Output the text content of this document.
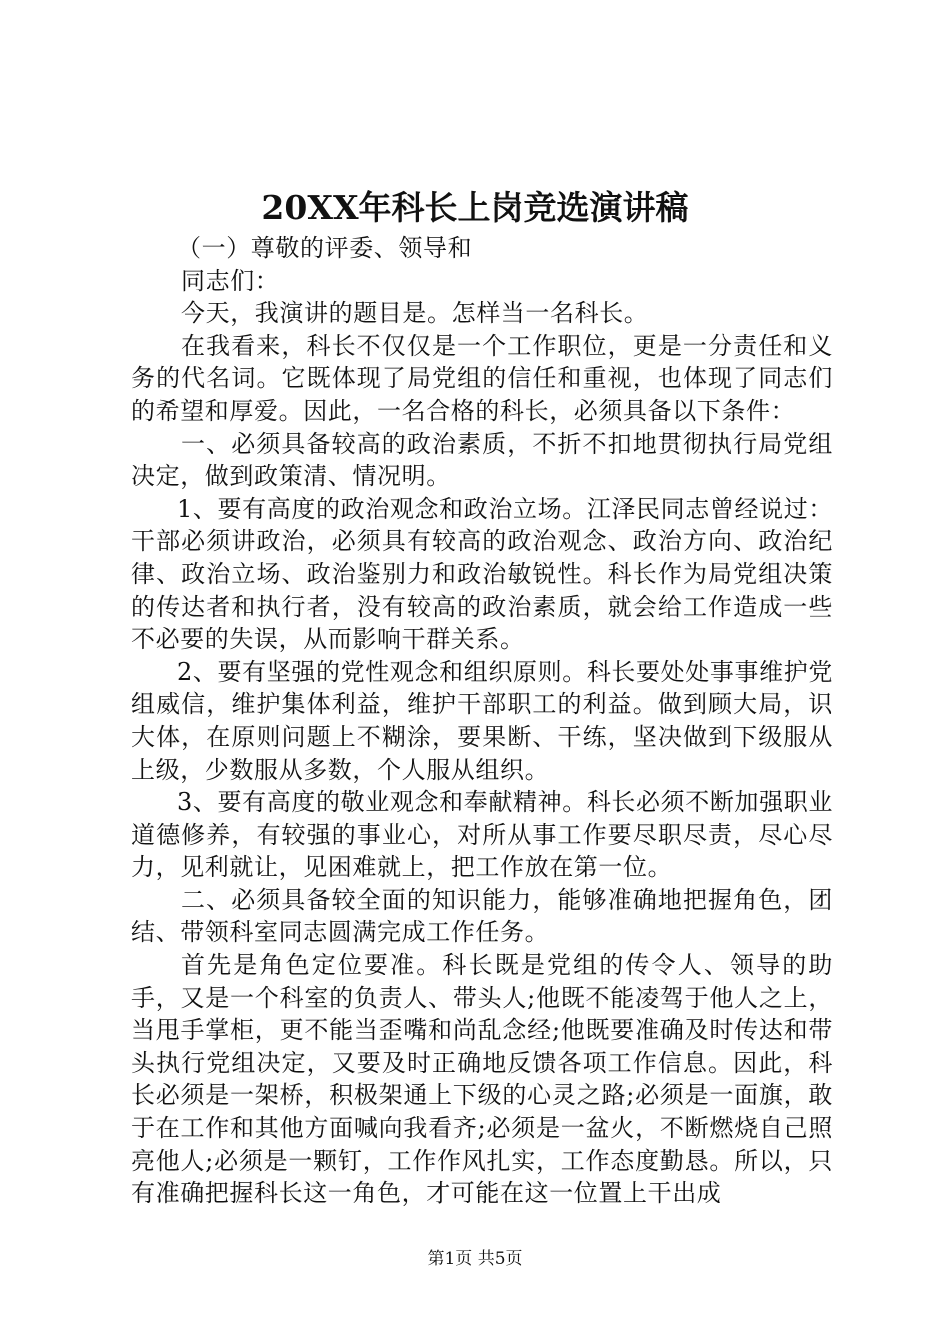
20XX年科长上岗竞选演讲稿

（一）尊敬的评委、领导和

同志们：

今天，我演讲的题目是。怎样当一名科长。

在我看来，科长不仅仅是一个工作职位，更是一分责任和义务的代名词。它既体现了局党组的信任和重视，也体现了同志们的希望和厚爱。因此，一名合格的科长，必须具备以下条件：

一、必须具备较高的政治素质，不折不扣地贯彻执行局党组决定，做到政策清、情况明。

1、要有高度的政治观念和政治立场。江泽民同志曾经说过：干部必须讲政治，必须具有较高的政治观念、政治方向、政治纪律、政治立场、政治鉴别力和政治敏锐性。科长作为局党组决策的传达者和执行者，没有较高的政治素质，就会给工作造成一些不必要的失误，从而影响干群关系。

2、要有坚强的党性观念和组织原则。科长要处处事事维护党组威信，维护集体利益，维护干部职工的利益。做到顾大局，识大体，在原则问题上不糊涂，要果断、干练，坚决做到下级服从上级，少数服从多数，个人服从组织。

3、要有高度的敬业观念和奉献精神。科长必须不断加强职业道德修养，有较强的事业心，对所从事工作要尽职尽责，尽心尽力，见利就让，见困难就上，把工作放在第一位。

二、必须具备较全面的知识能力，能够准确地把握角色，团结、带领科室同志圆满完成工作任务。

首先是角色定位要准。科长既是党组的传令人、领导的助手，又是一个科室的负责人、带头人;他既不能凌驾于他人之上，当甩手掌柜，更不能当歪嘴和尚乱念经;他既要准确及时传达和带头执行党组决定，又要及时正确地反馈各项工作信息。因此，科长必须是一架桥，积极架通上下级的心灵之路;必须是一面旗，敢于在工作和其他方面喊向我看齐;必须是一盆火，不断燃烧自己照亮他人;必须是一颗钉，工作作风扎实，工作态度勤恳。所以，只有准确把握科长这一角色，才可能在这一位置上干出成

第1页 共5页
